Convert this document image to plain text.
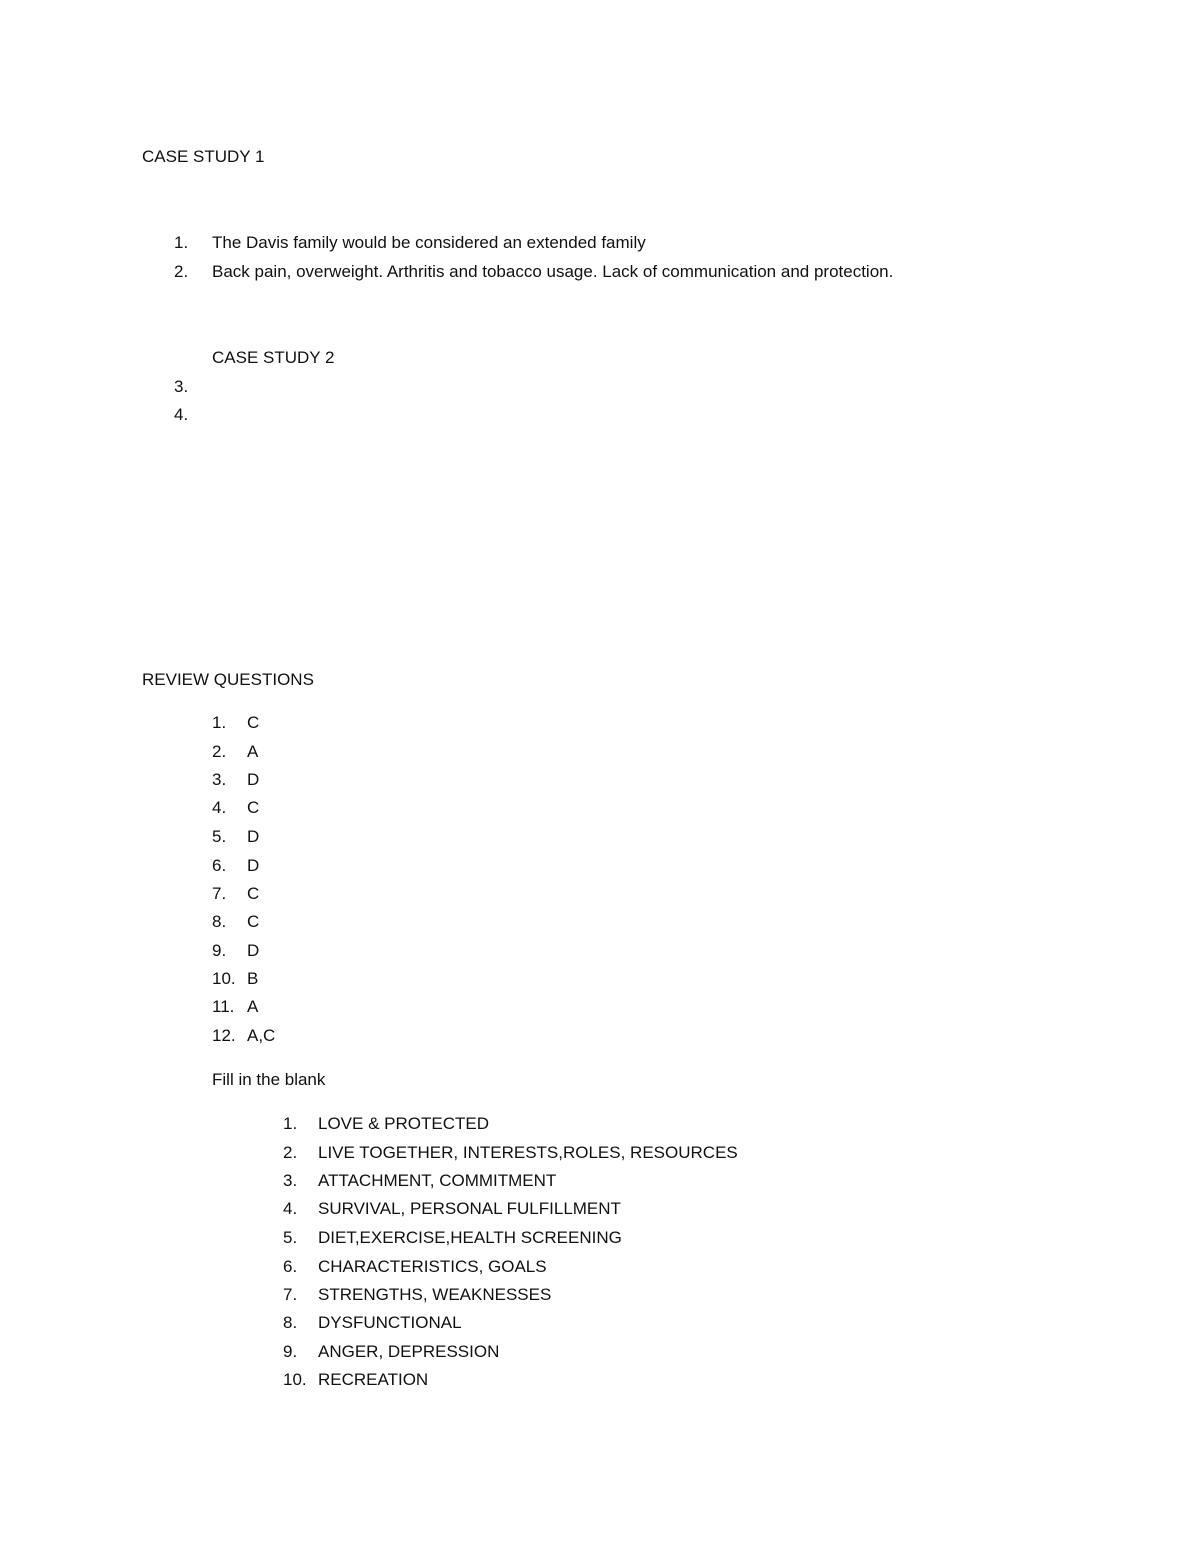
CASE STUDY 1
1. The Davis family would be considered an extended family
2. Back pain, overweight. Arthritis and tobacco usage. Lack of communication and protection.
CASE STUDY 2
3.
4.
REVIEW QUESTIONS
1. C
2. A
3. D
4. C
5. D
6. D
7. C
8. C
9. D
10. B
11. A
12. A,C
Fill in the blank
1. LOVE & PROTECTED
2. LIVE TOGETHER, INTERESTS,ROLES, RESOURCES
3. ATTACHMENT, COMMITMENT
4. SURVIVAL, PERSONAL FULFILLMENT
5. DIET,EXERCISE,HEALTH SCREENING
6. CHARACTERISTICS, GOALS
7. STRENGTHS, WEAKNESSES
8. DYSFUNCTIONAL
9. ANGER, DEPRESSION
10. RECREATION
